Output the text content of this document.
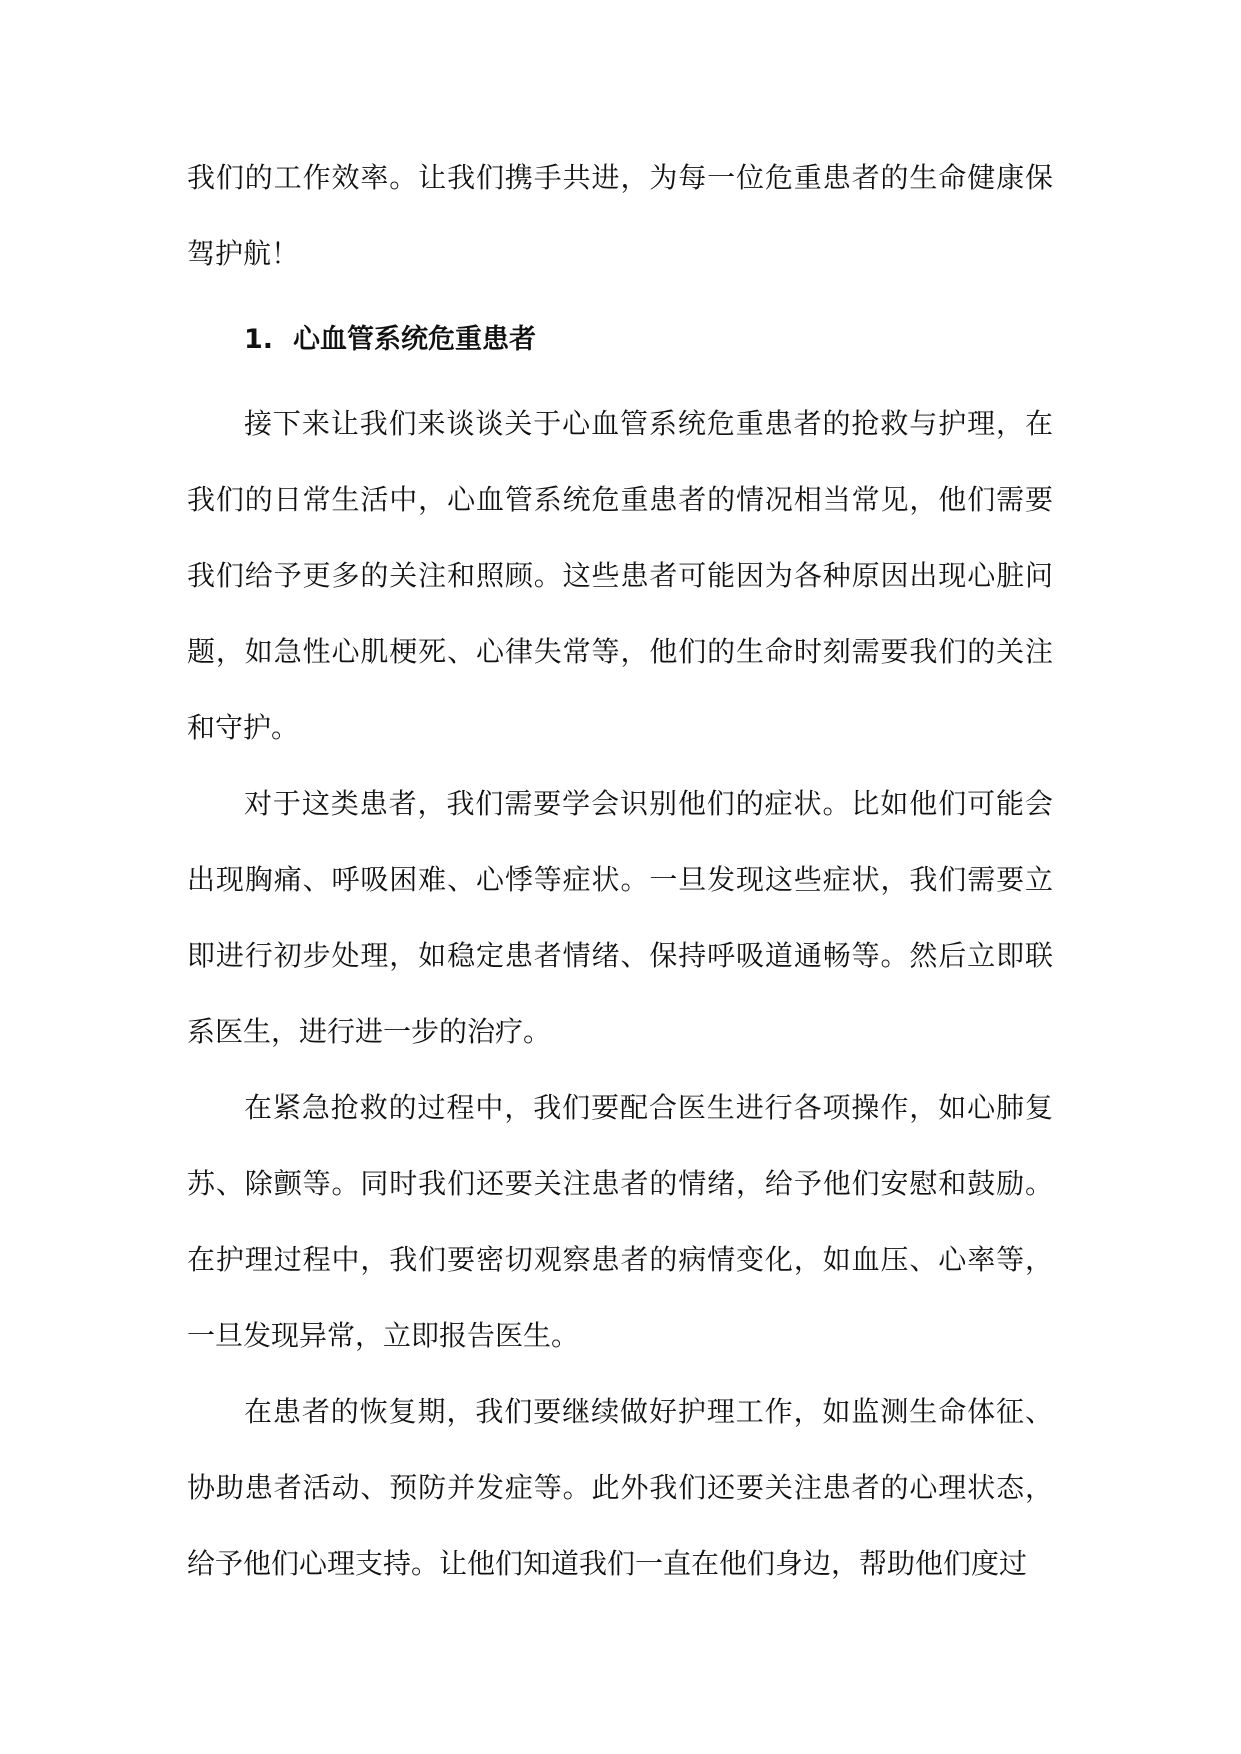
我们的工作效率。让我们携手共进，为每一位危重患者的生命健康保驾护航！

1. 心血管系统危重患者

接下来让我们来谈谈关于心血管系统危重患者的抢救与护理，在我们的日常生活中，心血管系统危重患者的情况相当常见，他们需要我们给予更多的关注和照顾。这些患者可能因为各种原因出现心脏问题，如急性心肌梗死、心律失常等，他们的生命时刻需要我们的关注和守护。

对于这类患者，我们需要学会识别他们的症状。比如他们可能会出现胸痛、呼吸困难、心悸等症状。一旦发现这些症状，我们需要立即进行初步处理，如稳定患者情绪、保持呼吸道通畅等。然后立即联系医生，进行进一步的治疗。

在紧急抢救的过程中，我们要配合医生进行各项操作，如心肺复苏、除颤等。同时我们还要关注患者的情绪，给予他们安慰和鼓励。在护理过程中，我们要密切观察患者的病情变化，如血压、心率等，一旦发现异常，立即报告医生。

在患者的恢复期，我们要继续做好护理工作，如监测生命体征、协助患者活动、预防并发症等。此外我们还要关注患者的心理状态，给予他们心理支持。让他们知道我们一直在他们身边，帮助他们度过
